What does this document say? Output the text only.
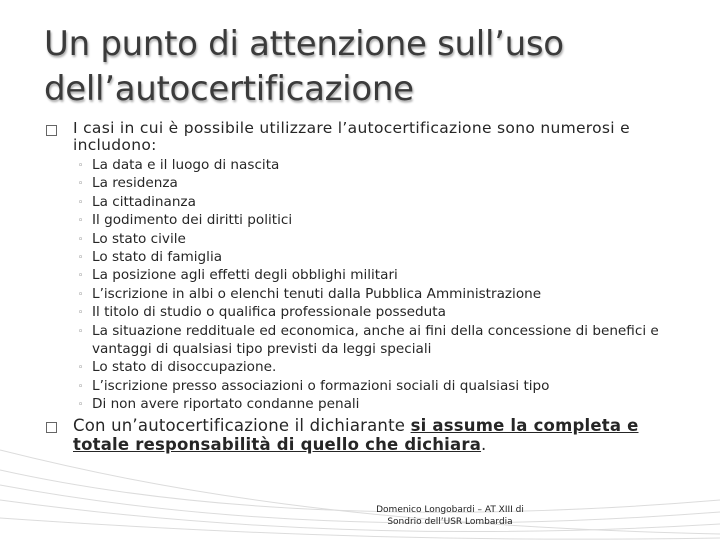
Un punto di attenzione sull’uso
dell’autocertificazione
I casi in cui è possibile utilizzare l’autocertificazione sono numerosi e includono:
◦ La data e il luogo di nascita
◦ La residenza
◦ La cittadinanza
◦ Il godimento dei diritti politici
◦ Lo stato civile
◦ Lo stato di famiglia
◦ La posizione agli effetti degli obblighi militari
◦ L’iscrizione in albi o elenchi tenuti dalla Pubblica Amministrazione
◦ Il titolo di studio o qualifica professionale posseduta
◦ La situazione reddituale ed economica, anche ai fini della concessione di benefici e vantaggi di qualsiasi tipo previsti da leggi speciali
◦ Lo stato di disoccupazione.
◦ L’iscrizione presso associazioni o formazioni sociali di qualsiasi tipo
◦ Di non avere riportato condanne penali
Con un’autocertificazione il dichiarante si assume la completa e totale responsabilità di quello che dichiara.
Domenico Longobardi – AT XIII di
Sondrio dell’USR Lombardia
